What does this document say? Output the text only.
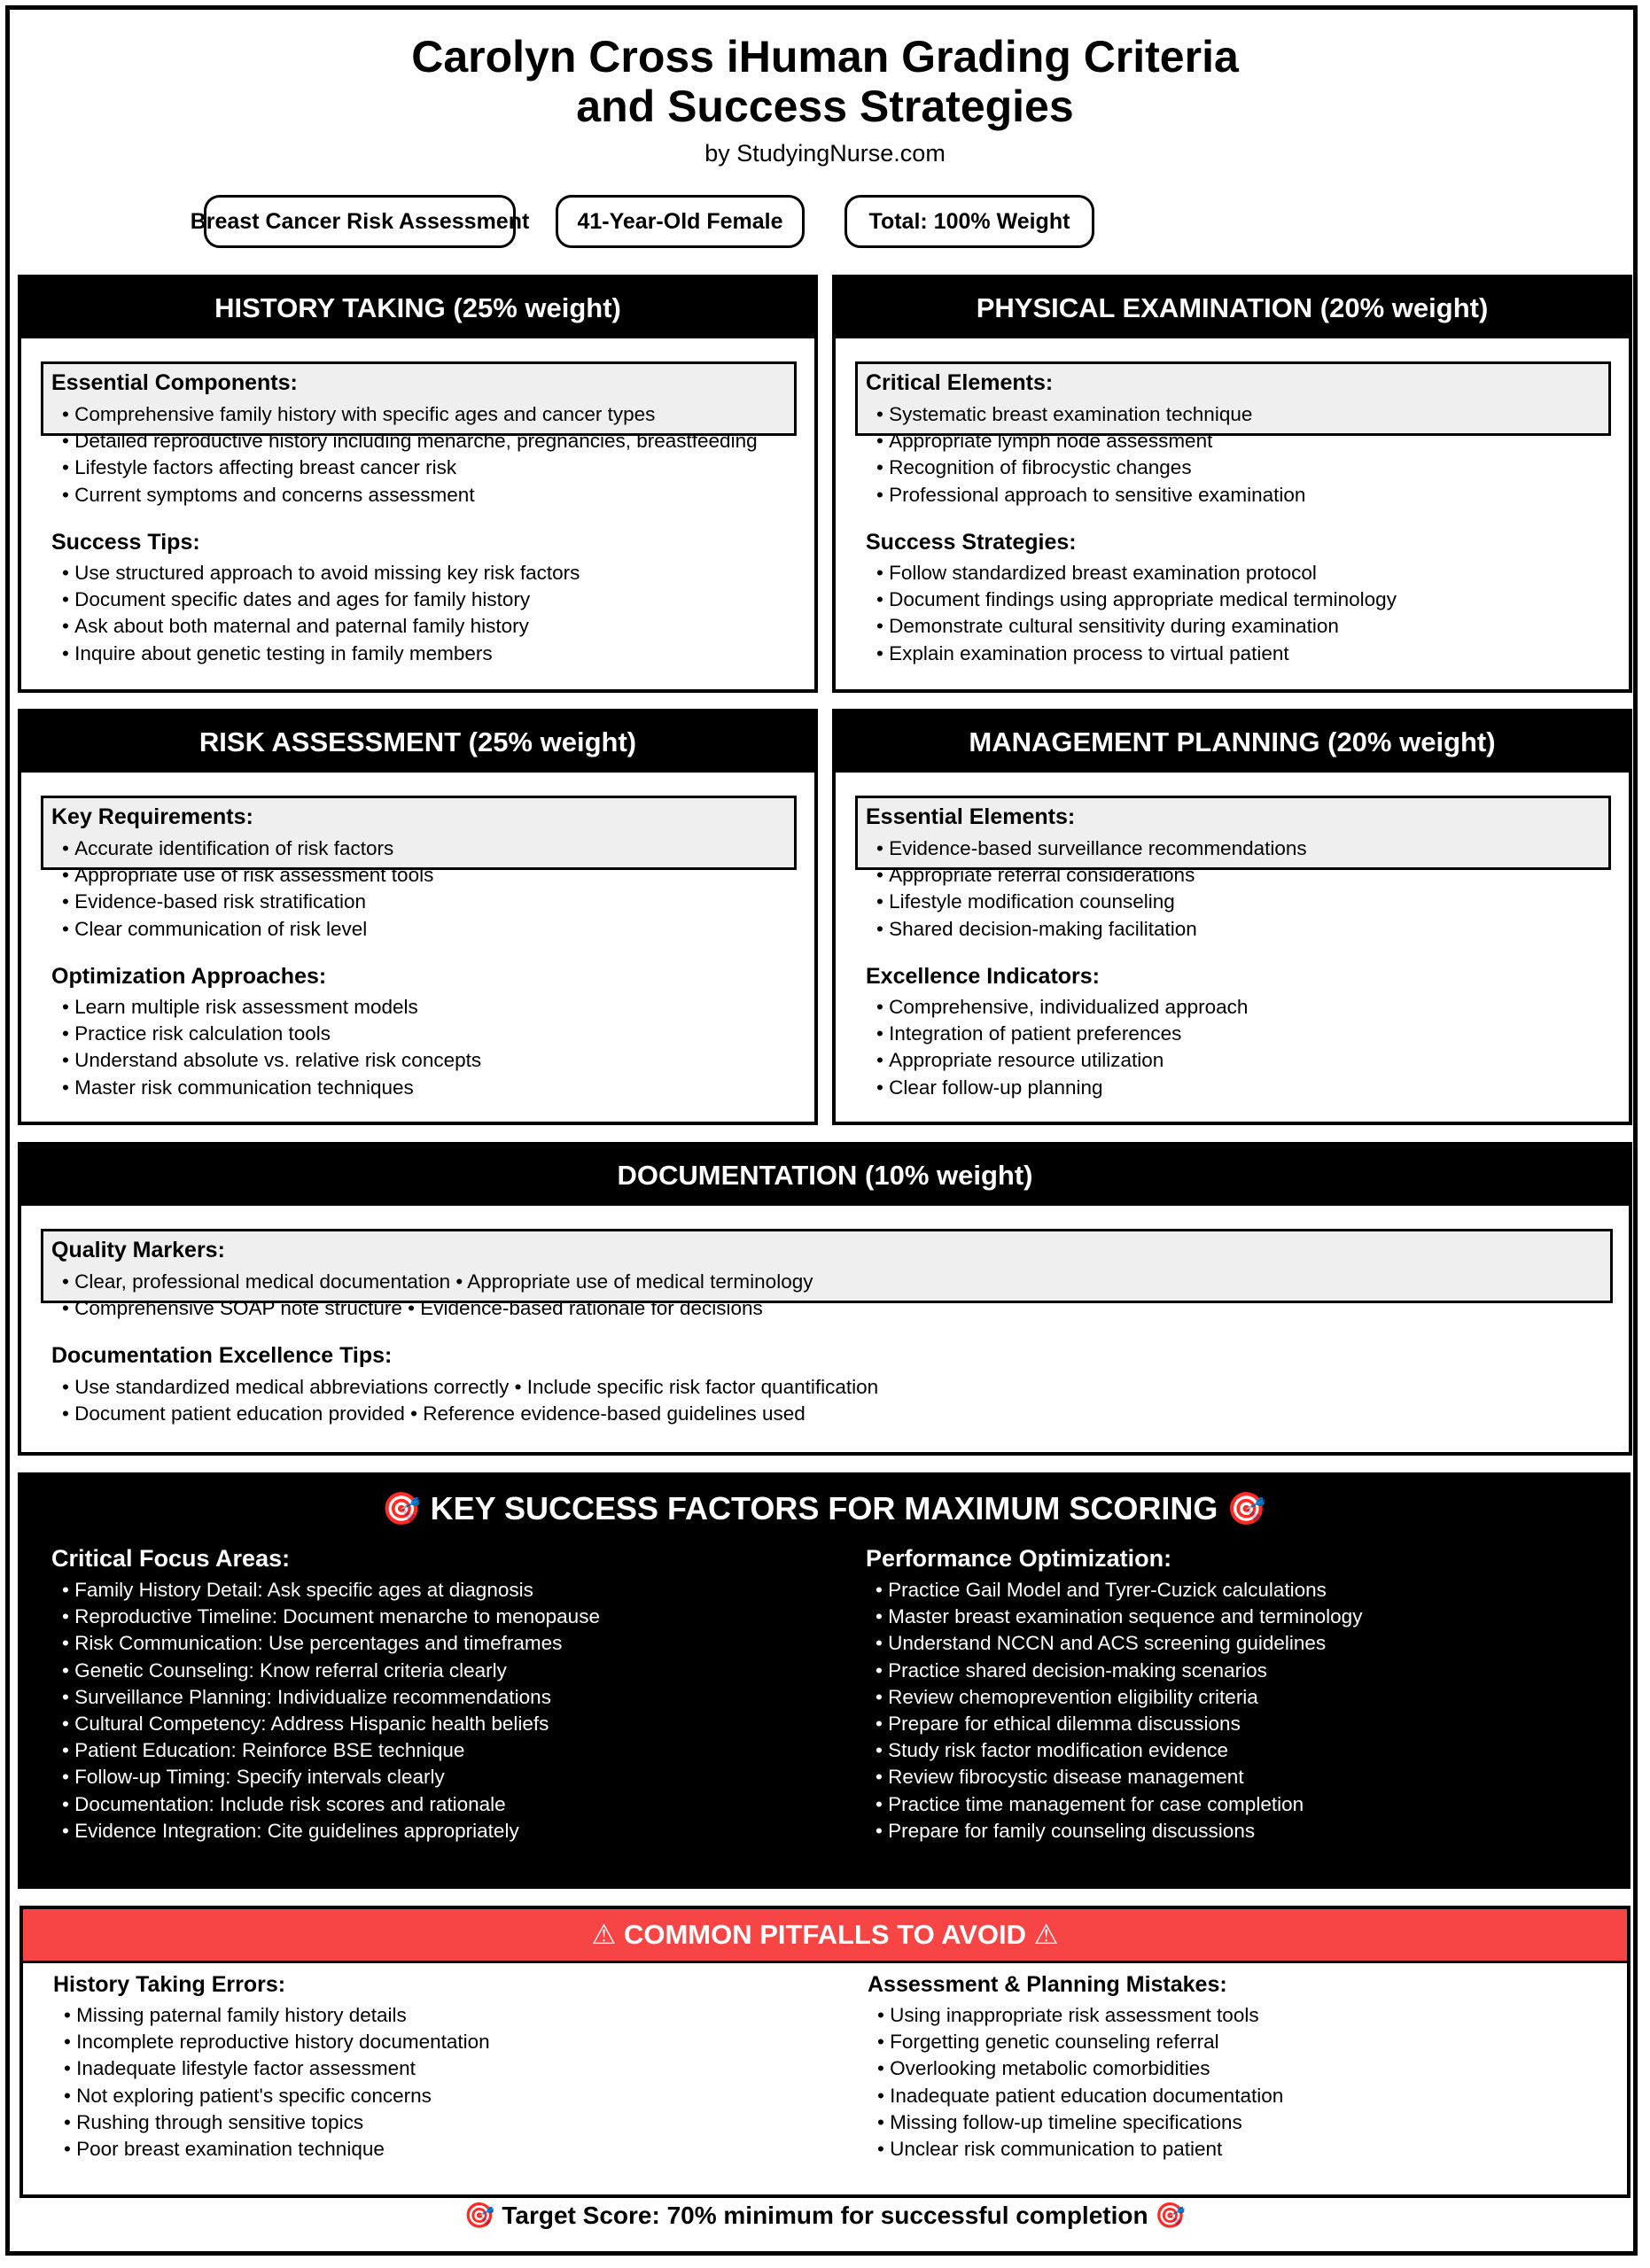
Carolyn Cross iHuman Grading Criteria
and Success Strategies
by StudyingNurse.com
Breast Cancer Risk Assessment	41-Year-Old Female	Total: 100% Weight
HISTORY TAKING (25% weight)
Essential Components:
• Comprehensive family history with specific ages and cancer types
• Detailed reproductive history including menarche, pregnancies, breastfeeding
• Lifestyle factors affecting breast cancer risk
• Current symptoms and concerns assessment
Success Tips:
• Use structured approach to avoid missing key risk factors
• Document specific dates and ages for family history
• Ask about both maternal and paternal family history
• Inquire about genetic testing in family members
PHYSICAL EXAMINATION (20% weight)
Critical Elements:
• Systematic breast examination technique
• Appropriate lymph node assessment
• Recognition of fibrocystic changes
• Professional approach to sensitive examination
Success Strategies:
• Follow standardized breast examination protocol
• Document findings using appropriate medical terminology
• Demonstrate cultural sensitivity during examination
• Explain examination process to virtual patient
RISK ASSESSMENT (25% weight)
Key Requirements:
• Accurate identification of risk factors
• Appropriate use of risk assessment tools
• Evidence-based risk stratification
• Clear communication of risk level
Optimization Approaches:
• Learn multiple risk assessment models
• Practice risk calculation tools
• Understand absolute vs. relative risk concepts
• Master risk communication techniques
MANAGEMENT PLANNING (20% weight)
Essential Elements:
• Evidence-based surveillance recommendations
• Appropriate referral considerations
• Lifestyle modification counseling
• Shared decision-making facilitation
Excellence Indicators:
• Comprehensive, individualized approach
• Integration of patient preferences
• Appropriate resource utilization
• Clear follow-up planning
DOCUMENTATION (10% weight)
Quality Markers:
• Clear, professional medical documentation • Appropriate use of medical terminology
• Comprehensive SOAP note structure • Evidence-based rationale for decisions
Documentation Excellence Tips:
• Use standardized medical abbreviations correctly • Include specific risk factor quantification
• Document patient education provided • Reference evidence-based guidelines used
🎯 KEY SUCCESS FACTORS FOR MAXIMUM SCORING 🎯
Critical Focus Areas:
• Family History Detail: Ask specific ages at diagnosis
• Reproductive Timeline: Document menarche to menopause
• Risk Communication: Use percentages and timeframes
• Genetic Counseling: Know referral criteria clearly
• Surveillance Planning: Individualize recommendations
• Cultural Competency: Address Hispanic health beliefs
• Patient Education: Reinforce BSE technique
• Follow-up Timing: Specify intervals clearly
• Documentation: Include risk scores and rationale
• Evidence Integration: Cite guidelines appropriately
Performance Optimization:
• Practice Gail Model and Tyrer-Cuzick calculations
• Master breast examination sequence and terminology
• Understand NCCN and ACS screening guidelines
• Practice shared decision-making scenarios
• Review chemoprevention eligibility criteria
• Prepare for ethical dilemma discussions
• Study risk factor modification evidence
• Review fibrocystic disease management
• Practice time management for case completion
• Prepare for family counseling discussions
⚠ COMMON PITFALLS TO AVOID ⚠
History Taking Errors:
• Missing paternal family history details
• Incomplete reproductive history documentation
• Inadequate lifestyle factor assessment
• Not exploring patient's specific concerns
• Rushing through sensitive topics
• Poor breast examination technique
Assessment & Planning Mistakes:
• Using inappropriate risk assessment tools
• Forgetting genetic counseling referral
• Overlooking metabolic comorbidities
• Inadequate patient education documentation
• Missing follow-up timeline specifications
• Unclear risk communication to patient
🎯 Target Score: 70% minimum for successful completion 🎯
